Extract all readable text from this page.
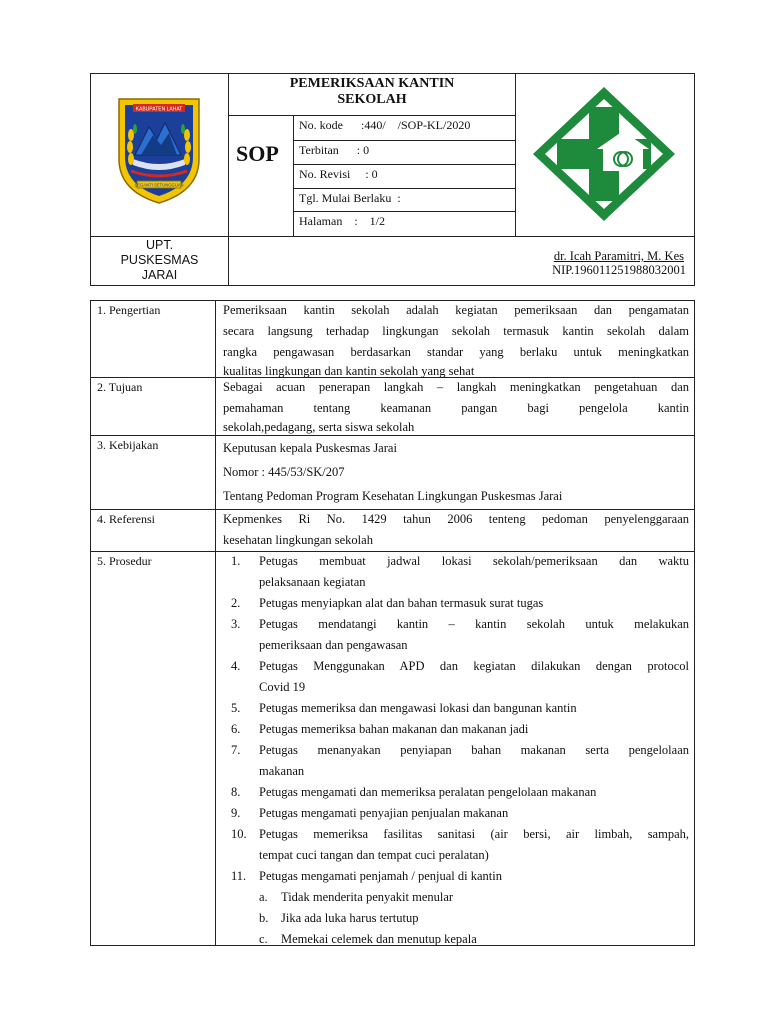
KABUPATEN LAHAT
SEGANTI SETUNGGUAN
PEMERIKSAAN KANTIN
SEKOLAH
SOP
No. kode      :440/    /SOP-KL/2020
Terbitan      : 0
No. Revisi     : 0
Tgl. Mulai Berlaku  :
Halaman    :    1/2
UPT.
PUSKESMAS
JARAI
dr. Icah Paramitri, M. Kes
NIP.196011251988032001
1. Pengertian	Pemeriksaan kantin sekolah adalah kegiatan pemeriksaan dan pengamatan
secara langsung terhadap lingkungan sekolah termasuk kantin sekolah dalam
rangka pengawasan berdasarkan standar yang berlaku untuk meningkatkan
kualitas lingkungan dan kantin sekolah yang sehat
2. Tujuan	Sebagai acuan penerapan langkah – langkah meningkatkan pengetahuan dan
pemahaman tentang keamanan pangan bagi pengelola kantin
sekolah,pedagang, serta siswa sekolah
3. Kebijakan	Keputusan kepala Puskesmas Jarai
Nomor : 445/53/SK/207
Tentang Pedoman Program Kesehatan Lingkungan Puskesmas Jarai
4. Referensi	Kepmenkes Ri No. 1429 tahun 2006 tenteng pedoman penyelenggaraan
kesehatan lingkungan sekolah
5. Prosedur	1. Petugas membuat jadwal lokasi sekolah/pemeriksaan dan waktu
pelaksanaan kegiatan
2. Petugas menyiapkan alat dan bahan termasuk surat tugas
3. Petugas mendatangi kantin – kantin sekolah untuk melakukan
pemeriksaan dan pengawasan
4. Petugas Menggunakan APD dan kegiatan dilakukan dengan protocol
Covid 19
5. Petugas memeriksa dan mengawasi lokasi dan bangunan kantin
6. Petugas memeriksa bahan makanan dan makanan jadi
7. Petugas menanyakan penyiapan bahan makanan serta pengelolaan
makanan
8. Petugas mengamati dan memeriksa peralatan pengelolaan makanan
9. Petugas mengamati penyajian penjualan makanan
10. Petugas memeriksa fasilitas sanitasi (air bersi, air limbah, sampah,
tempat cuci tangan dan tempat cuci peralatan)
11. Petugas mengamati penjamah / penjual di kantin
a. Tidak menderita penyakit menular
b. Jika ada luka harus tertutup
c. Memekai celemek dan menutup kepala
